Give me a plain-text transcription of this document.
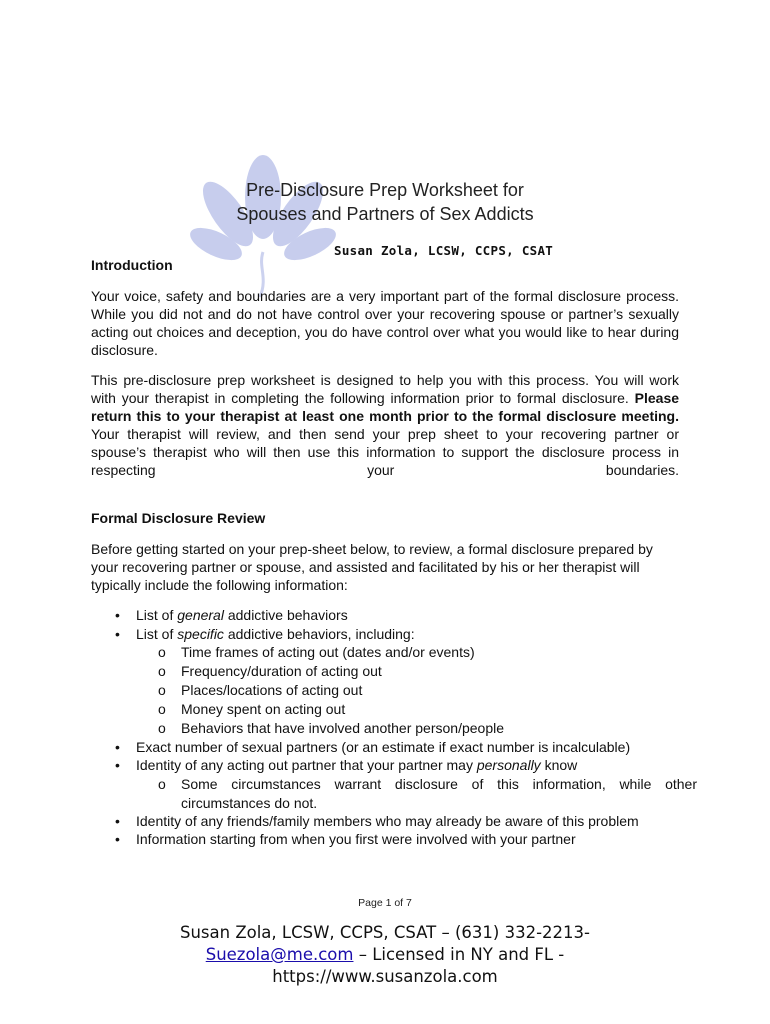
Pre-Disclosure Prep Worksheet for
Spouses and Partners of Sex Addicts
Susan Zola, LCSW, CCPS, CSAT
Introduction
Your voice, safety and boundaries are a very important part of the formal disclosure process. While you did not and do not have control over your recovering spouse or partner’s sexually acting out choices and deception, you do have control over what you would like to hear during disclosure.
This pre-disclosure prep worksheet is designed to help you with this process. You will work with your therapist in completing the following information prior to formal disclosure. Please return this to your therapist at least one month prior to the formal disclosure meeting. Your therapist will review, and then send your prep sheet to your recovering partner or spouse’s therapist who will then use this information to support the disclosure process in respecting your boundaries.
Formal Disclosure Review
Before getting started on your prep-sheet below, to review, a formal disclosure prepared by your recovering partner or spouse, and assisted and facilitated by his or her therapist will typically include the following information:
• List of general addictive behaviors
• List of specific addictive behaviors, including:
o Time frames of acting out (dates and/or events)
o Frequency/duration of acting out
o Places/locations of acting out
o Money spent on acting out
o Behaviors that have involved another person/people
• Exact number of sexual partners (or an estimate if exact number is incalculable)
• Identity of any acting out partner that your partner may personally know
o Some circumstances warrant disclosure of this information, while other
circumstances do not.
• Identity of any friends/family members who may already be aware of this problem
• Information starting from when you first were involved with your partner
Page 1 of 7
Susan Zola, LCSW, CCPS, CSAT – (631) 332-2213-
Suezola@me.com – Licensed in NY and FL -
https://www.susanzola.com
